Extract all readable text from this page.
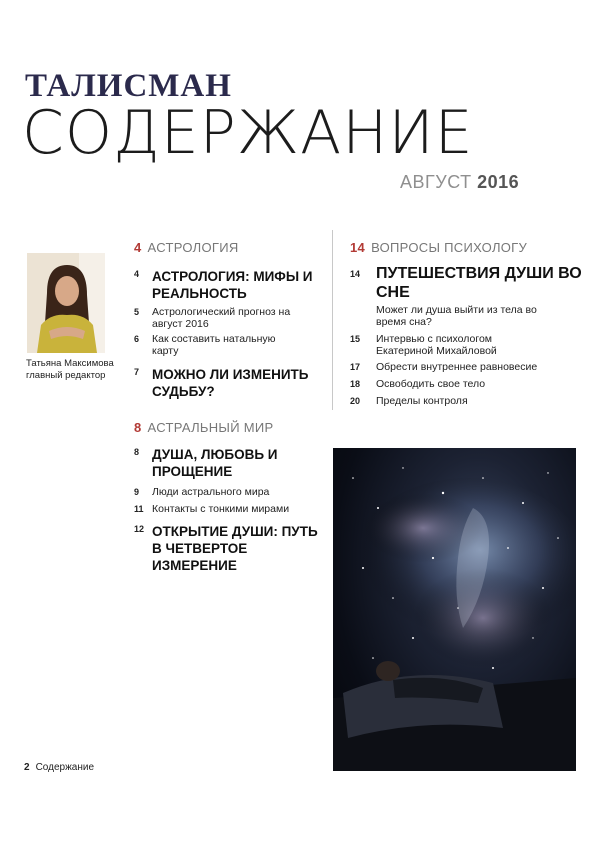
ТАЛИСМАН
СОДЕРЖАНИЕ
АВГУСТ 2016
Татьяна Максимова
главный редактор
4 АСТРОЛОГИЯ
4 АСТРОЛОГИЯ: МИФЫ И РЕАЛЬНОСТЬ
5	Астрологический прогноз на август 2016
6	Как составить натальную карту
7 МОЖНО ЛИ ИЗМЕНИТЬ СУДЬБУ?
8 АСТРАЛЬНЫЙ МИР
8 ДУША, ЛЮБОВЬ И ПРОЩЕНИЕ
9	Люди астрального мира
11 Контакты с тонкими мирами
12 ОТКРЫТИЕ ДУШИ: ПУТЬ В ЧЕТВЕРТОЕ ИЗМЕРЕНИЕ
14 ВОПРОСЫ ПСИХОЛОГУ
14 ПУТЕШЕСТВИЯ ДУШИ ВО СНЕ
Может ли душа выйти из тела во время сна?
15	Интервью с психологом Екатериной Михайловой
17	Обрести внутреннее равновесие
18	Освободить свое тело
20	Пределы контроля
2 Содержание
